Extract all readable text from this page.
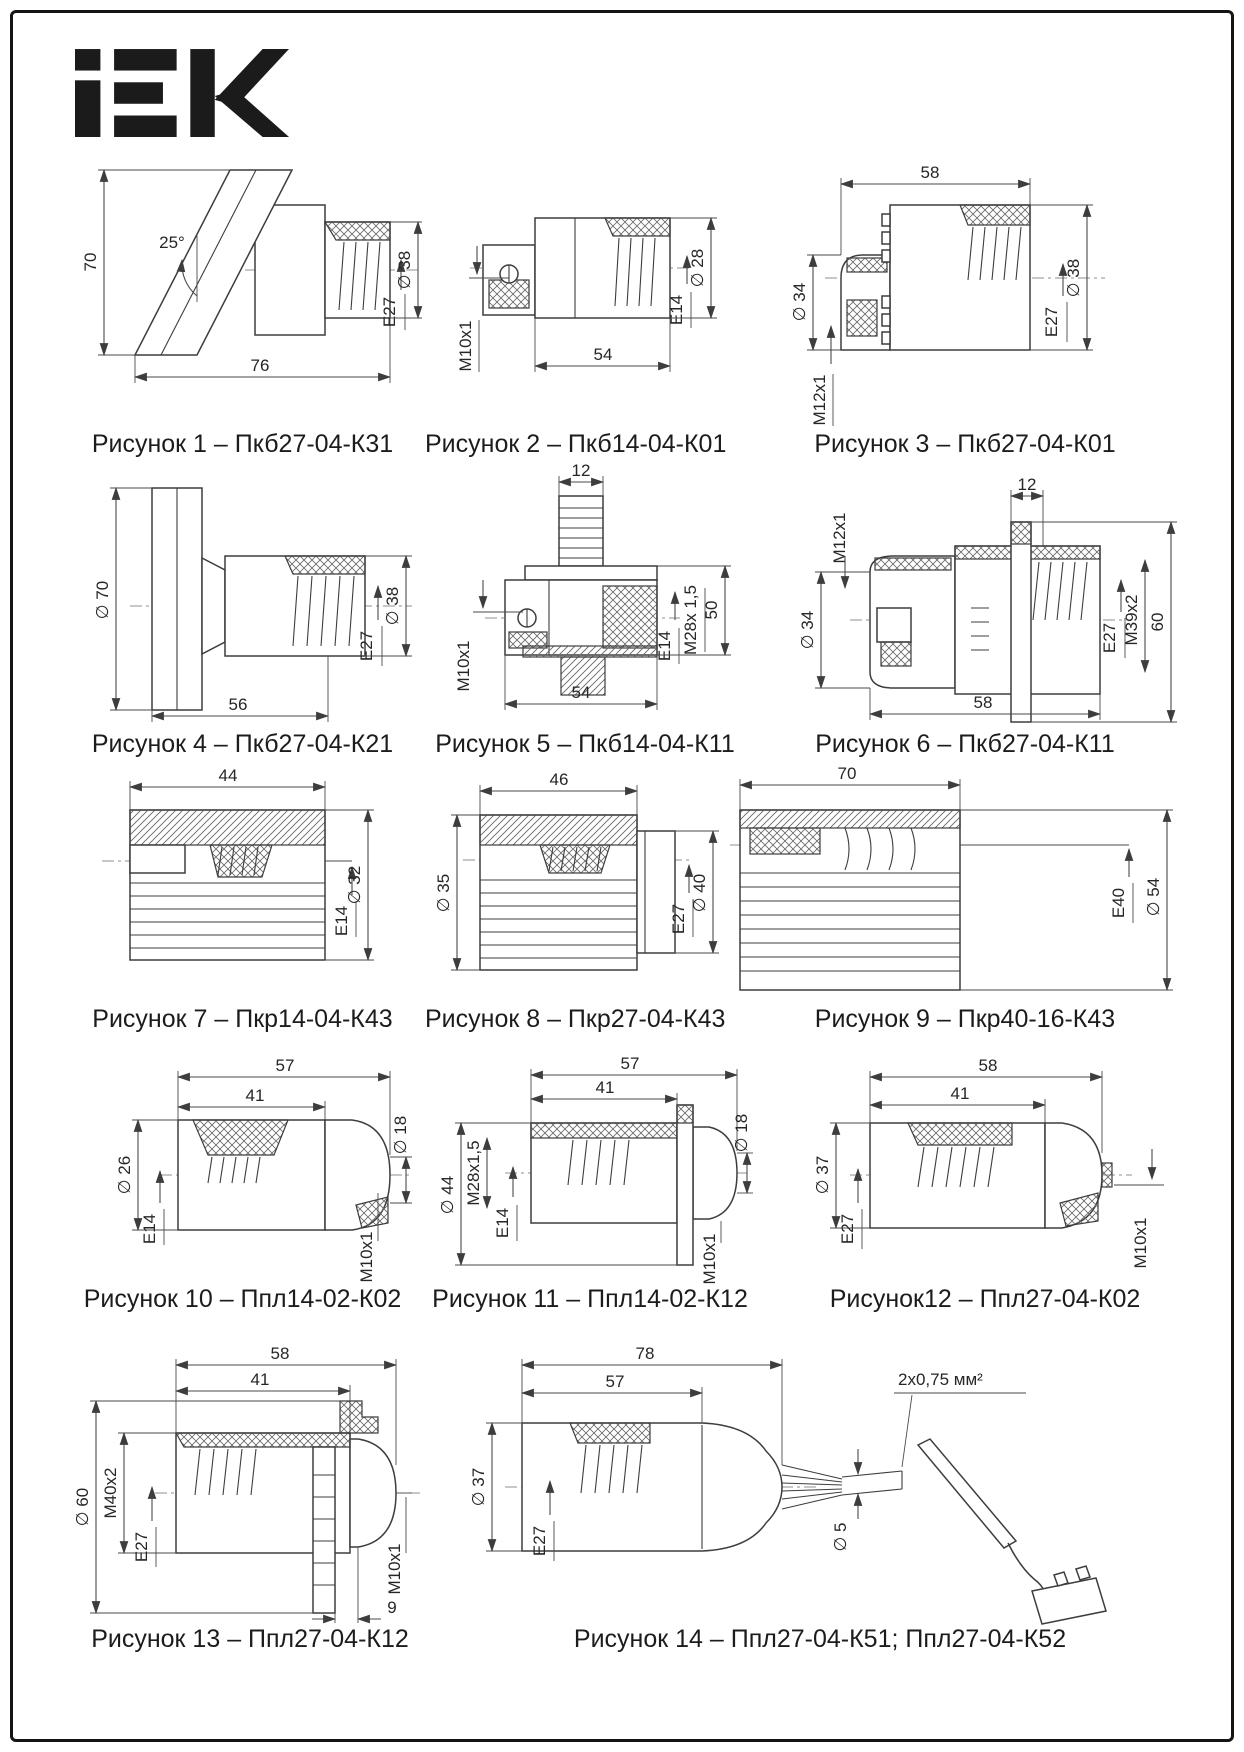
25°
70
76
E27
∅ 38
Рисунок 1 – Пкб27-04-К31
M10x1	54
E14
∅ 28
Рисунок 2 – Пкб14-04-К01
58
∅ 34
M12x1
E27
∅ 38
Рисунок 3 – Пкб27-04-К01
∅ 70
E27
∅ 38
56
Рисунок 4 – Пкб27-04-К21
12
M10x1	E14 M28x 1,5 50
54
Рисунок 5 – Пкб14-04-К11
12
M12x1
∅ 34	E27 M39x2 60
58
Рисунок 6 – Пкб27-04-К11
44
E14
∅ 32
Рисунок 7 – Пкр14-04-К43
46
∅ 35
E27
∅ 40
Рисунок 8 – Пкр27-04-К43
70
E40 ∅ 54
Рисунок 9 – Пкр40-16-К43
57
41
∅ 26
E14
∅ 18
M10x1
Рисунок 10 – Ппл14-02-К02
57
41
∅ 44 M28x1,5
E14
∅ 18
M10x1
Рисунок 11 – Ппл14-02-К12
58
41
∅ 37
E27	M10x1
Рисунок12 – Ппл27-04-К02
58
41
∅ 60 M40x2
E27	M10x1
9
Рисунок 13 – Ппл27-04-К12
∅ 5
2x0,75 мм²
∅ 37
E27
78
57
Рисунок 14 – Ппл27-04-К51; Ппл27-04-К52
